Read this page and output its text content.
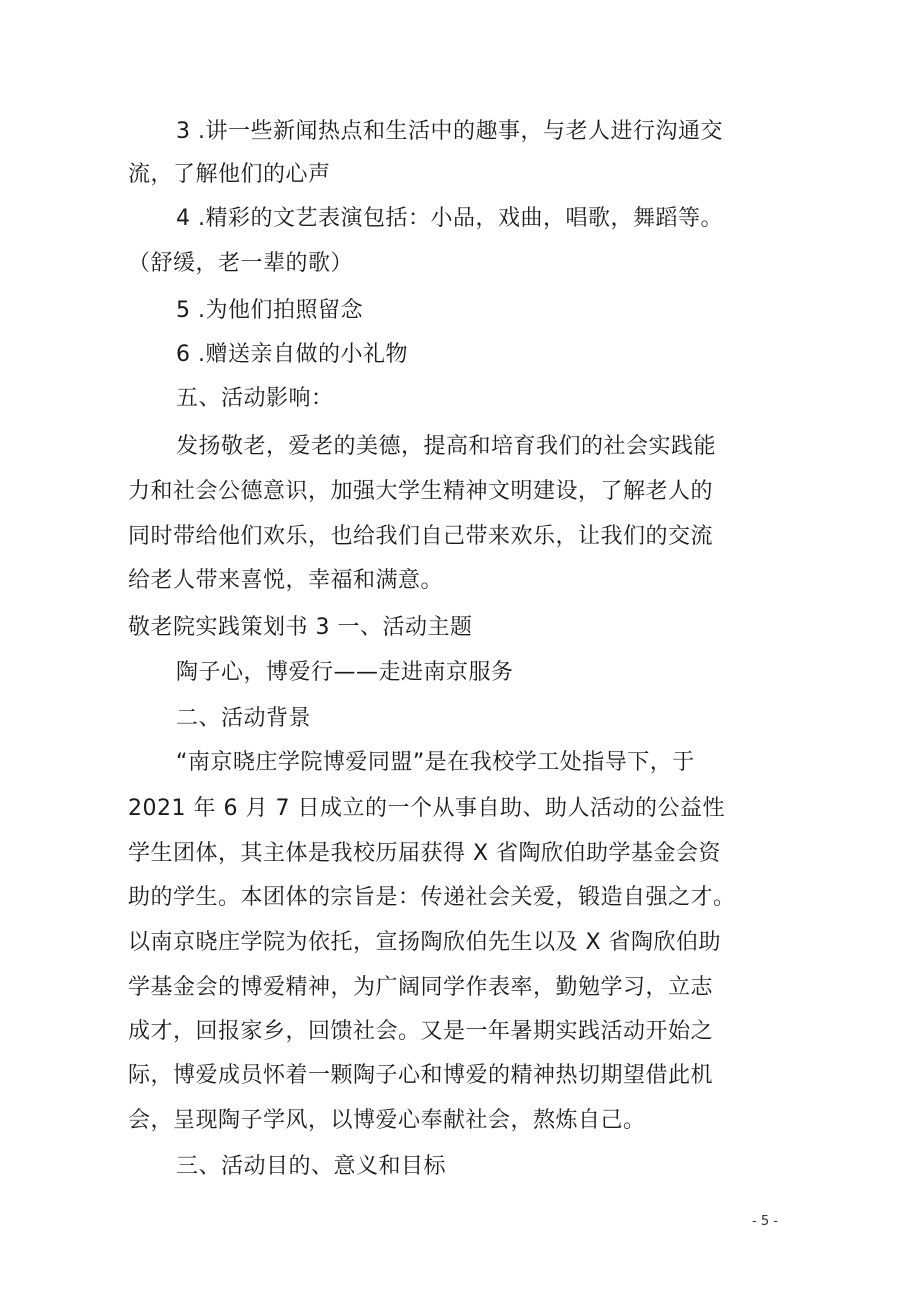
3 .讲一些新闻热点和生活中的趣事，与老人进行沟通交
流，了解他们的心声
4 .精彩的文艺表演包括：小品，戏曲，唱歌，舞蹈等。
（舒缓，老一辈的歌）
5 .为他们拍照留念
6 .赠送亲自做的小礼物
五、活动影响：
发扬敬老，爱老的美德，提高和培育我们的社会实践能
力和社会公德意识，加强大学生精神文明建设，了解老人的
同时带给他们欢乐，也给我们自己带来欢乐，让我们的交流
给老人带来喜悦，幸福和满意。
敬老院实践策划书 3 一、活动主题
陶子心，博爱行——走进南京服务
二、活动背景
“南京晓庄学院博爱同盟”是在我校学工处指导下，于
2021 年 6 月 7 日成立的一个从事自助、助人活动的公益性
学生团体，其主体是我校历届获得 X 省陶欣伯助学基金会资
助的学生。本团体的宗旨是：传递社会关爱，锻造自强之才。
以南京晓庄学院为依托，宣扬陶欣伯先生以及 X 省陶欣伯助
学基金会的博爱精神，为广阔同学作表率，勤勉学习，立志
成才，回报家乡，回馈社会。又是一年暑期实践活动开始之
际，博爱成员怀着一颗陶子心和博爱的精神热切期望借此机
会，呈现陶子学风，以博爱心奉献社会，熬炼自己。
三、活动目的、意义和目标
- 5 -
